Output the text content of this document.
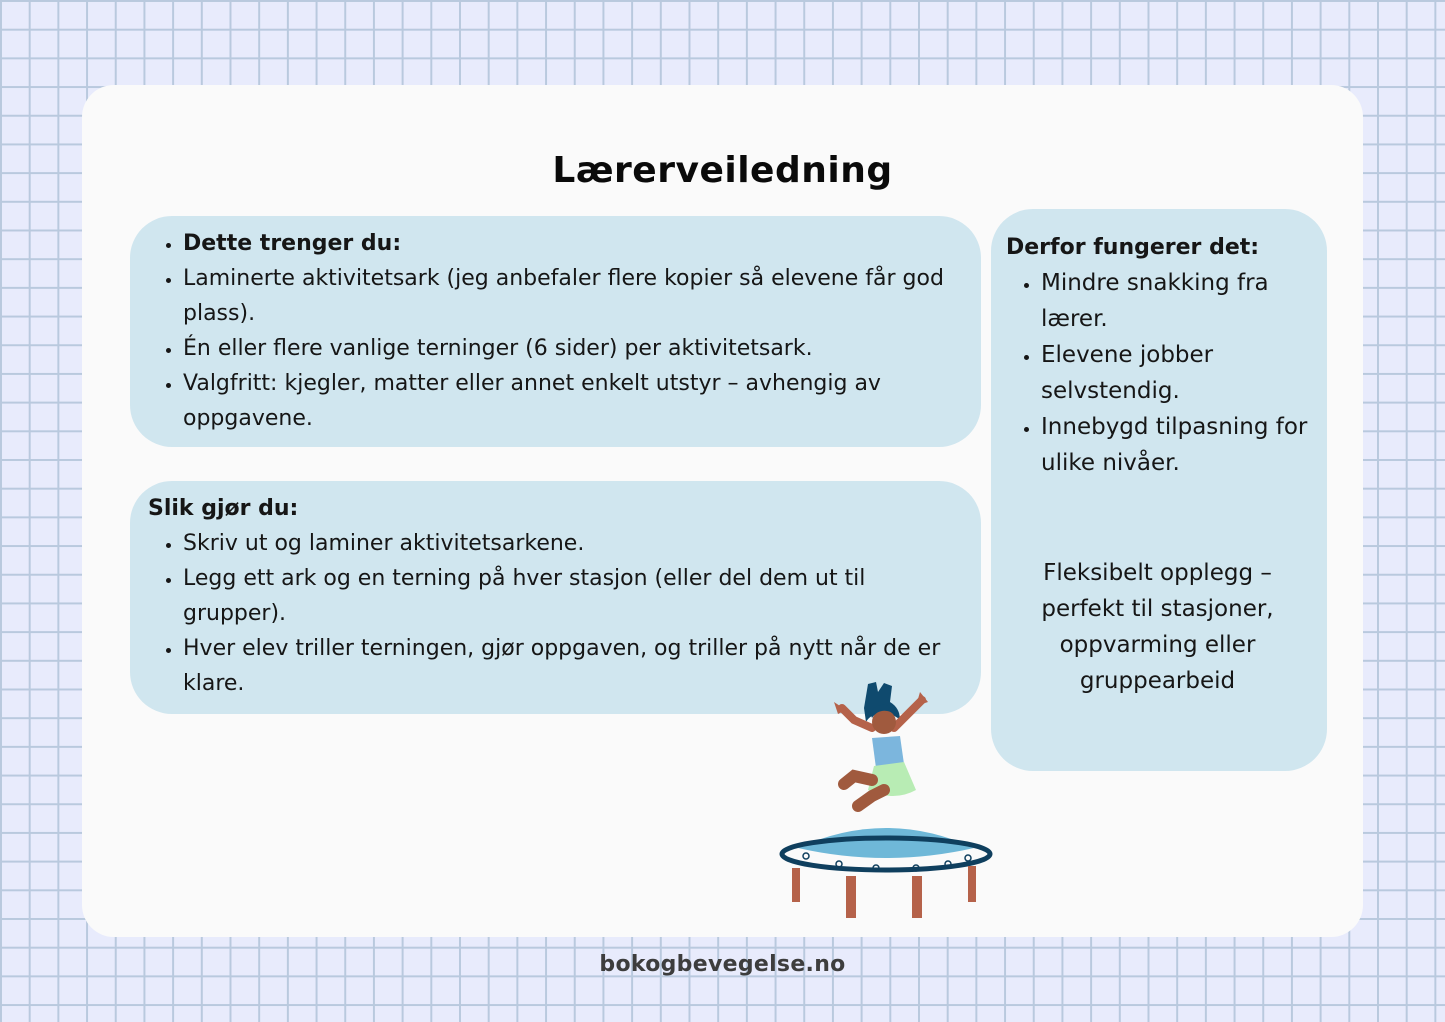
Lærerveiledning
• Dette trenger du:
• Laminerte aktivitetsark (jeg anbefaler flere kopier så elevene får god plass).
• Én eller flere vanlige terninger (6 sider) per aktivitetsark.
• Valgfritt: kjegler, matter eller annet enkelt utstyr – avhengig av oppgavene.
Slik gjør du:
• Skriv ut og laminer aktivitetsarkene.
• Legg ett ark og en terning på hver stasjon (eller del dem ut til grupper).
• Hver elev triller terningen, gjør oppgaven, og triller på nytt når de er klare.
Derfor fungerer det:
• Mindre snakking fra lærer.
• Elevene jobber selvstendig.
• Innebygd tilpasning for ulike nivåer.
Fleksibelt opplegg – perfekt til stasjoner, oppvarming eller gruppearbeid
bokogbevegelse.no
